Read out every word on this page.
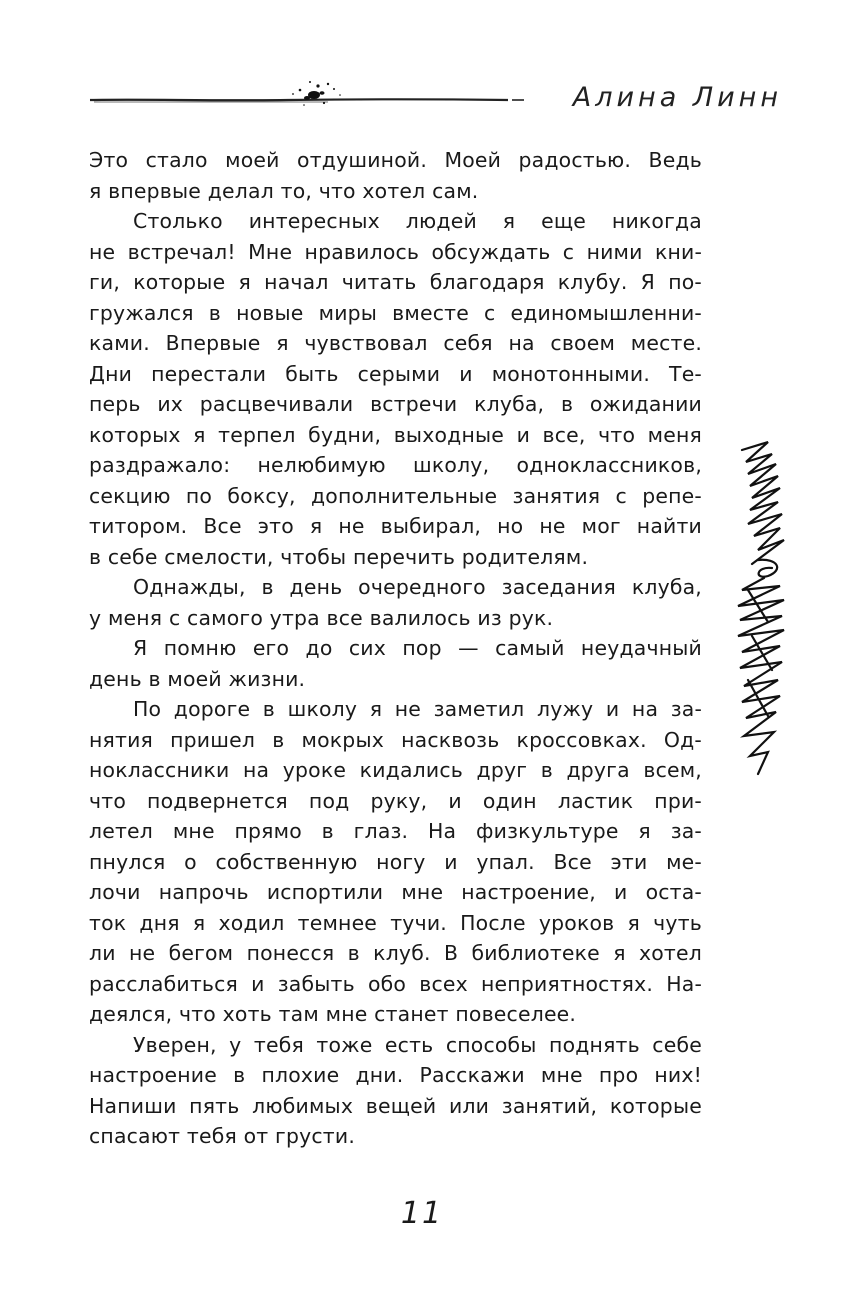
Алина Линн
Это стало моей отдушиной. Моей радостью. Ведь
я впервые делал то, что хотел сам.
Столько интересных людей я еще никогда
не встречал! Мне нравилось обсуждать с ними кни-
ги, которые я начал читать благодаря клубу. Я по-
гружался в новые миры вместе с единомышленни-
ками. Впервые я чувствовал себя на своем месте.
Дни перестали быть серыми и монотонными. Те-
перь их расцвечивали встречи клуба, в ожидании
которых я терпел будни, выходные и все, что меня
раздражало: нелюбимую школу, одноклассников,
секцию по боксу, дополнительные занятия с репе-
титором. Все это я не выбирал, но не мог найти
в себе смелости, чтобы перечить родителям.
Однажды, в день очередного заседания клуба,
у меня с самого утра все валилось из рук.
Я помню его до сих пор — самый неудачный
день в моей жизни.
По дороге в школу я не заметил лужу и на за-
нятия пришел в мокрых насквозь кроссовках. Од-
ноклассники на уроке кидались друг в друга всем,
что подвернется под руку, и один ластик при-
летел мне прямо в глаз. На физкультуре я за-
пнулся о собственную ногу и упал. Все эти ме-
лочи напрочь испортили мне настроение, и оста-
ток дня я ходил темнее тучи. После уроков я чуть
ли не бегом понесся в клуб. В библиотеке я хотел
расслабиться и забыть обо всех неприятностях. На-
деялся, что хоть там мне станет повеселее.
Уверен, у тебя тоже есть способы поднять себе
настроение в плохие дни. Расскажи мне про них!
Напиши пять любимых вещей или занятий, которые
спасают тебя от грусти.
11
